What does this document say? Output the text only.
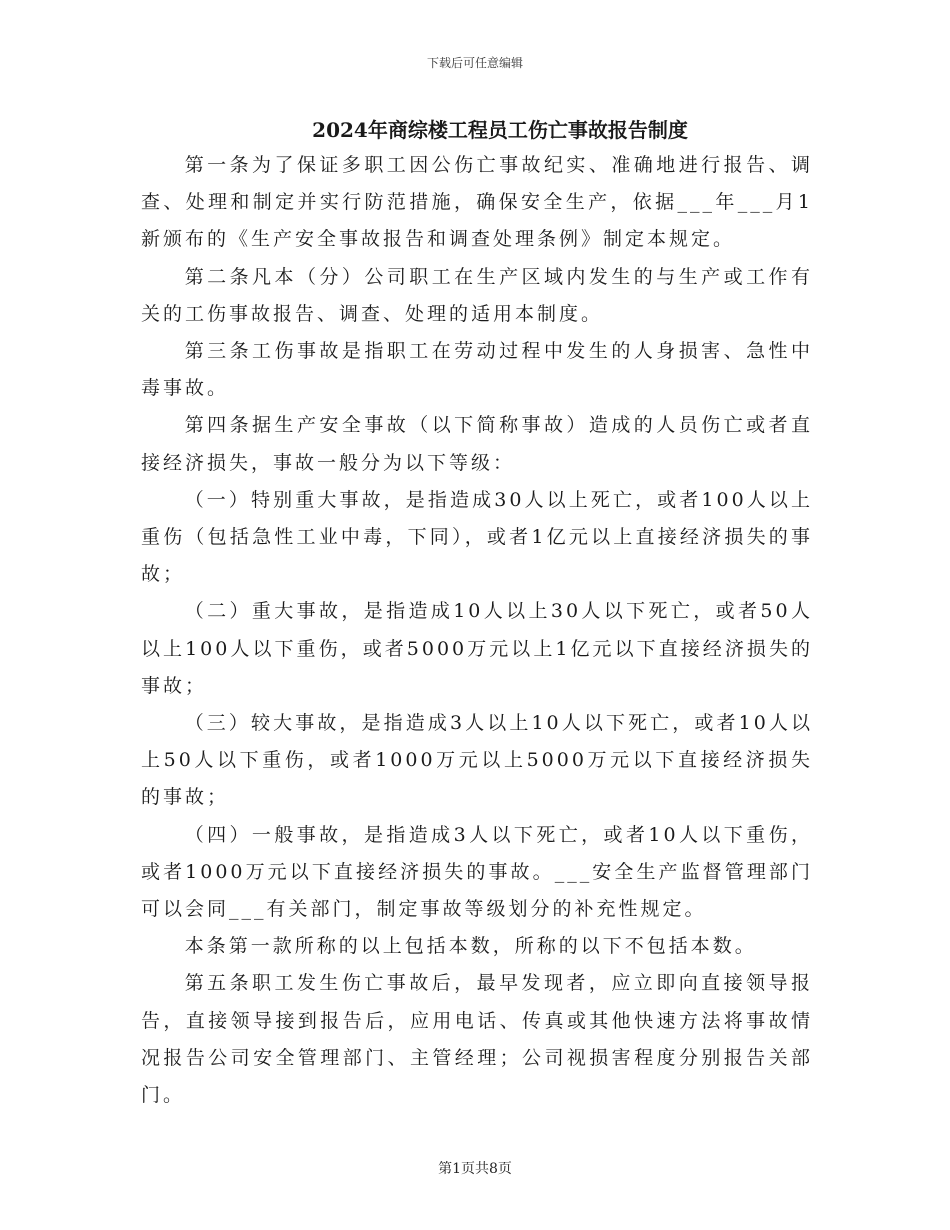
下载后可任意编辑
2024年商综楼工程员工伤亡事故报告制度

第一条为了保证多职工因公伤亡事故纪实、准确地进行报告、调查、处理和制定并实行防范措施，确保安全生产，依据___年___月1新颁布的《生产安全事故报告和调查处理条例》制定本规定。

第二条凡本（分）公司职工在生产区域内发生的与生产或工作有关的工伤事故报告、调查、处理的适用本制度。

第三条工伤事故是指职工在劳动过程中发生的人身损害、急性中毒事故。

第四条据生产安全事故（以下简称事故）造成的人员伤亡或者直接经济损失，事故一般分为以下等级：

（一）特别重大事故，是指造成30人以上死亡，或者100人以上重伤（包括急性工业中毒，下同），或者1亿元以上直接经济损失的事故；

（二）重大事故，是指造成10人以上30人以下死亡，或者50人以上100人以下重伤，或者5000万元以上1亿元以下直接经济损失的事故；

（三）较大事故，是指造成3人以上10人以下死亡，或者10人以上50人以下重伤，或者1000万元以上5000万元以下直接经济损失的事故；

（四）一般事故，是指造成3人以下死亡，或者10人以下重伤，或者1000万元以下直接经济损失的事故。___安全生产监督管理部门可以会同___有关部门，制定事故等级划分的补充性规定。

本条第一款所称的以上包括本数，所称的以下不包括本数。

第五条职工发生伤亡事故后，最早发现者，应立即向直接领导报告，直接领导接到报告后，应用电话、传真或其他快速方法将事故情况报告公司安全管理部门、主管经理；公司视损害程度分别报告关部门。

第1页共8页
